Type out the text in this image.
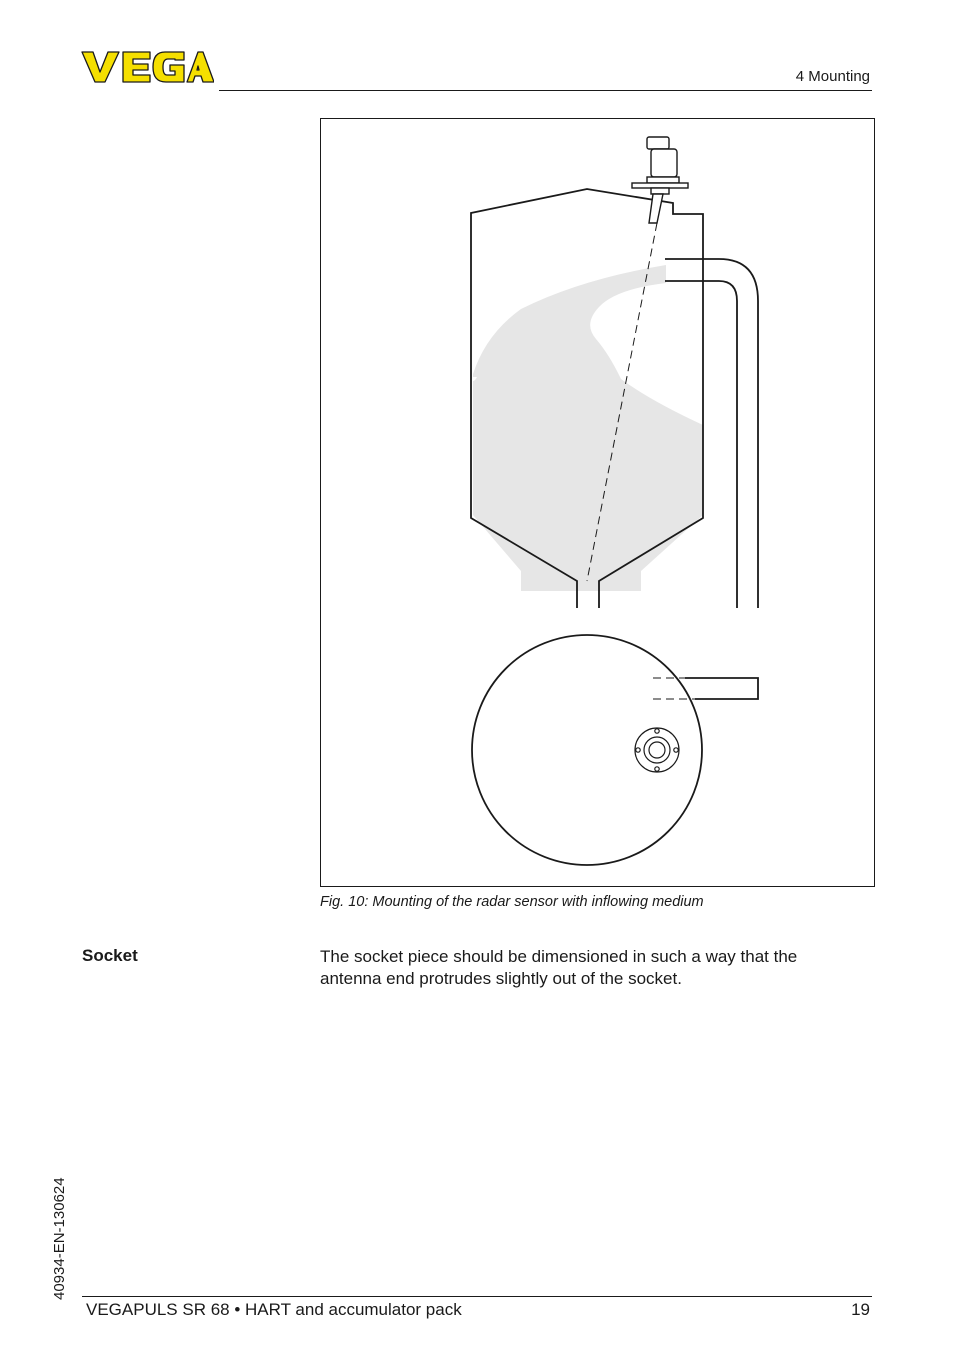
4 Mounting
Fig. 10: Mounting of the radar sensor with inflowing medium
Socket	The socket piece should be dimensioned in such a way that the antenna end protrudes slightly out of the socket.

40934-EN-130624
VEGAPULS SR 68 • HART and accumulator pack	19
